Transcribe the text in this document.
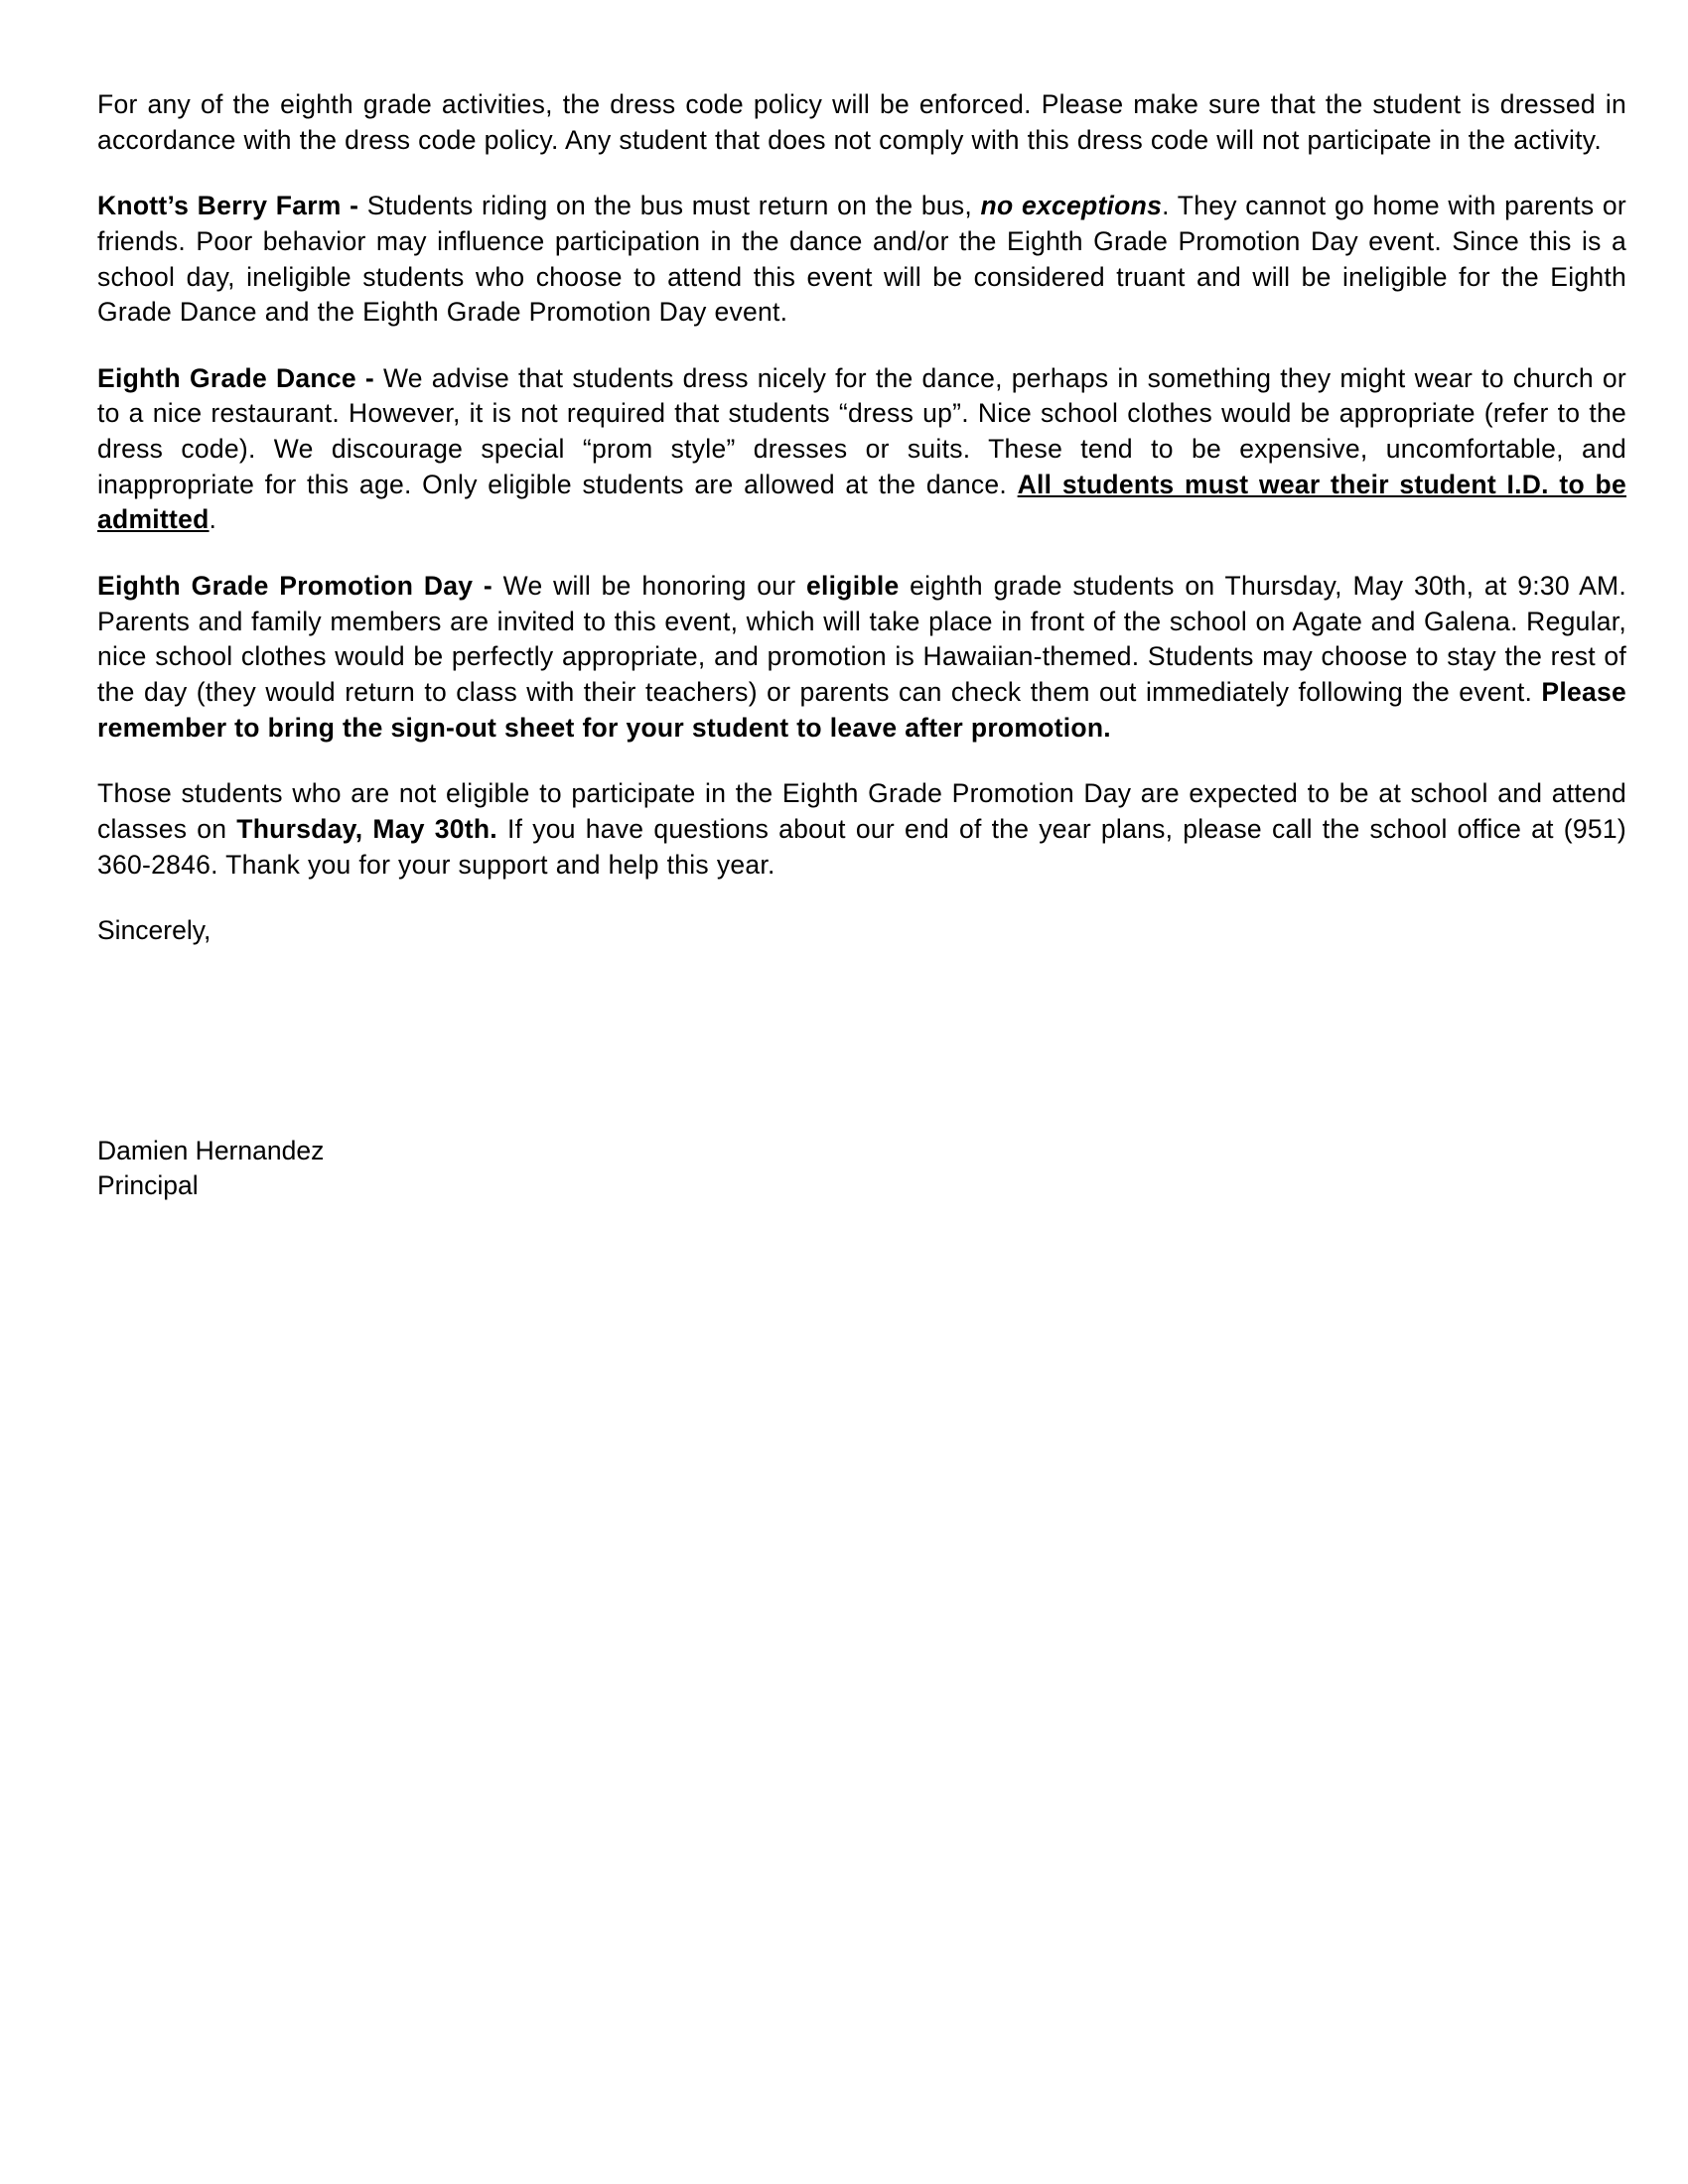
For any of the eighth grade activities, the dress code policy will be enforced. Please make sure that the student is dressed in accordance with the dress code policy. Any student that does not comply with this dress code will not participate in the activity.

Knott’s Berry Farm - Students riding on the bus must return on the bus, no exceptions. They cannot go home with parents or friends. Poor behavior may influence participation in the dance and/or the Eighth Grade Promotion Day event. Since this is a school day, ineligible students who choose to attend this event will be considered truant and will be ineligible for the Eighth Grade Dance and the Eighth Grade Promotion Day event.

Eighth Grade Dance - We advise that students dress nicely for the dance, perhaps in something they might wear to church or to a nice restaurant. However, it is not required that students “dress up”. Nice school clothes would be appropriate (refer to the dress code). We discourage special “prom style” dresses or suits. These tend to be expensive, uncomfortable, and inappropriate for this age. Only eligible students are allowed at the dance. All students must wear their student I.D. to be admitted.

Eighth Grade Promotion Day - We will be honoring our eligible eighth grade students on Thursday, May 30th, at 9:30 AM. Parents and family members are invited to this event, which will take place in front of the school on Agate and Galena. Regular, nice school clothes would be perfectly appropriate, and promotion is Hawaiian-themed. Students may choose to stay the rest of the day (they would return to class with their teachers) or parents can check them out immediately following the event. Please remember to bring the sign-out sheet for your student to leave after promotion.

Those students who are not eligible to participate in the Eighth Grade Promotion Day are expected to be at school and attend classes on Thursday, May 30th. If you have questions about our end of the year plans, please call the school office at (951) 360-2846. Thank you for your support and help this year.

Sincerely,

Damien Hernandez

Principal
